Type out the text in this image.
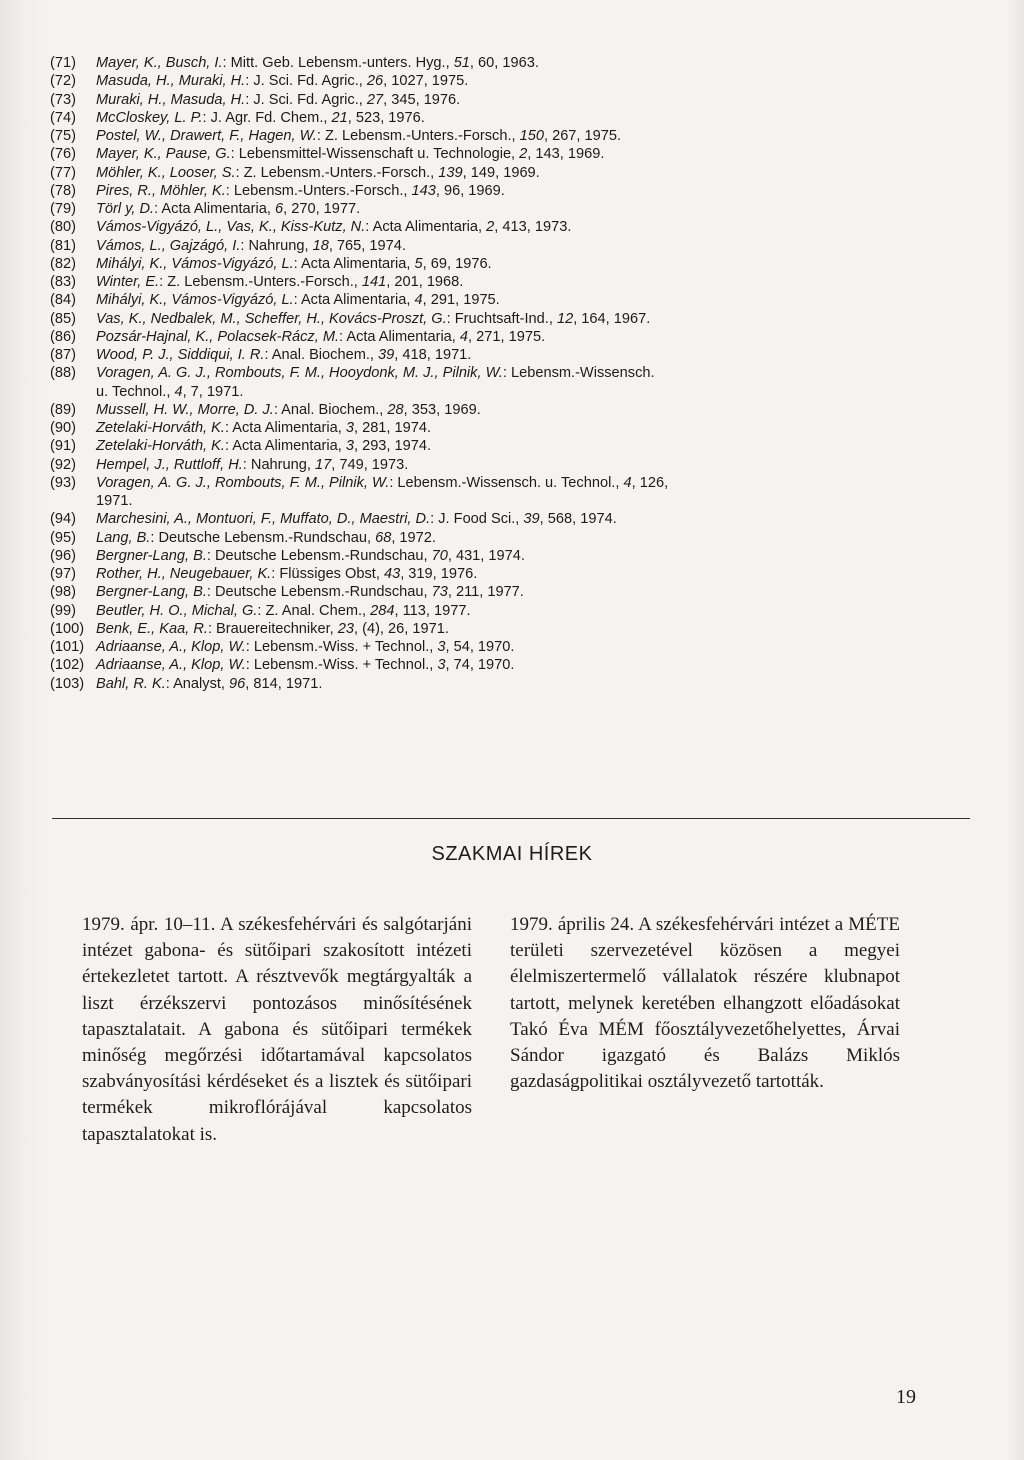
(71)	Mayer, K., Busch, I.: Mitt. Geb. Lebensm.-unters. Hyg., 51, 60, 1963.
(72)	Masuda, H., Muraki, H.: J. Sci. Fd. Agric., 26, 1027, 1975.
(73)	Muraki, H., Masuda, H.: J. Sci. Fd. Agric., 27, 345, 1976.
(74)	McCloskey, L. P.: J. Agr. Fd. Chem., 21, 523, 1976.
(75)	Postel, W., Drawert, F., Hagen, W.: Z. Lebensm.-Unters.-Forsch., 150, 267, 1975.
(76)	Mayer, K., Pause, G.: Lebensmittel-Wissenschaft u. Technologie, 2, 143, 1969.
(77)	Möhler, K., Looser, S.: Z. Lebensm.-Unters.-Forsch., 139, 149, 1969.
(78)	Pires, R., Möhler, K.: Lebensm.-Unters.-Forsch., 143, 96, 1969.
(79)	Törl y, D.: Acta Alimentaria, 6, 270, 1977.
(80)	Vámos-Vigyázó, L., Vas, K., Kiss-Kutz, N.: Acta Alimentaria, 2, 413, 1973.
(81)	Vámos, L., Gajzágó, I.: Nahrung, 18, 765, 1974.
(82)	Mihályi, K., Vámos-Vigyázó, L.: Acta Alimentaria, 5, 69, 1976.
(83)	Winter, E.: Z. Lebensm.-Unters.-Forsch., 141, 201, 1968.
(84)	Mihályi, K., Vámos-Vigyázó, L.: Acta Alimentaria, 4, 291, 1975.
(85)	Vas, K., Nedbalek, M., Scheffer, H., Kovács-Proszt, G.: Fruchtsaft-Ind., 12, 164, 1967.
(86)	Pozsár-Hajnal, K., Polacsek-Rácz, M.: Acta Alimentaria, 4, 271, 1975.
(87)	Wood, P. J., Siddiqui, I. R.: Anal. Biochem., 39, 418, 1971.
(88)	Voragen, A. G. J., Rombouts, F. M., Hooydonk, M. J., Pilnik, W.: Lebensm.-Wissensch.
u. Technol., 4, 7, 1971.
(89)	Mussell, H. W., Morre, D. J.: Anal. Biochem., 28, 353, 1969.
(90)	Zetelaki-Horváth, K.: Acta Alimentaria, 3, 281, 1974.
(91)	Zetelaki-Horváth, K.: Acta Alimentaria, 3, 293, 1974.
(92)	Hempel, J., Ruttloff, H.: Nahrung, 17, 749, 1973.
(93)	Voragen, A. G. J., Rombouts, F. M., Pilnik, W.: Lebensm.-Wissensch. u. Technol., 4, 126,
1971.
(94)	Marchesini, A., Montuori, F., Muffato, D., Maestri, D.: J. Food Sci., 39, 568, 1974.
(95)	Lang, B.: Deutsche Lebensm.-Rundschau, 68, 1972.
(96)	Bergner-Lang, B.: Deutsche Lebensm.-Rundschau, 70, 431, 1974.
(97)	Rother, H., Neugebauer, K.: Flüssiges Obst, 43, 319, 1976.
(98)	Bergner-Lang, B.: Deutsche Lebensm.-Rundschau, 73, 211, 1977.
(99)	Beutler, H. O., Michal, G.: Z. Anal. Chem., 284, 113, 1977.
(100) Benk, E., Kaa, R.: Brauereitechniker, 23, (4), 26, 1971.
(101) Adriaanse, A., Klop, W.: Lebensm.-Wiss. + Technol., 3, 54, 1970.
(102) Adriaanse, A., Klop, W.: Lebensm.-Wiss. + Technol., 3, 74, 1970.
(103) Bahl, R. K.: Analyst, 96, 814, 1971.
SZAKMAI HÍREK
1979. ápr. 10–11. A székesfehérvári és salgótarjáni intézet gabona- és sütőipari szakosított intézeti értekezletet tartott. A résztvevők megtárgyalták a liszt érzékszervi pontozásos minősítésének tapasztalatait. A gabona és sütőipari termékek minőség megőrzési időtartamával kapcsolatos szabványosítási kérdéseket és a lisztek és sütőipari termékek mikroflórájával kapcsolatos tapasztalatokat is.
1979. április 24. A székesfehérvári intézet a MÉTE területi szervezetével közösen a megyei élelmiszertermelő vállalatok részére klubnapot tartott, melynek keretében elhangzott előadásokat Takó Éva MÉM főosztályvezetőhelyettes, Árvai Sándor igazgató és Balázs Miklós gazdaságpolitikai osztályvezető tartották.
19
